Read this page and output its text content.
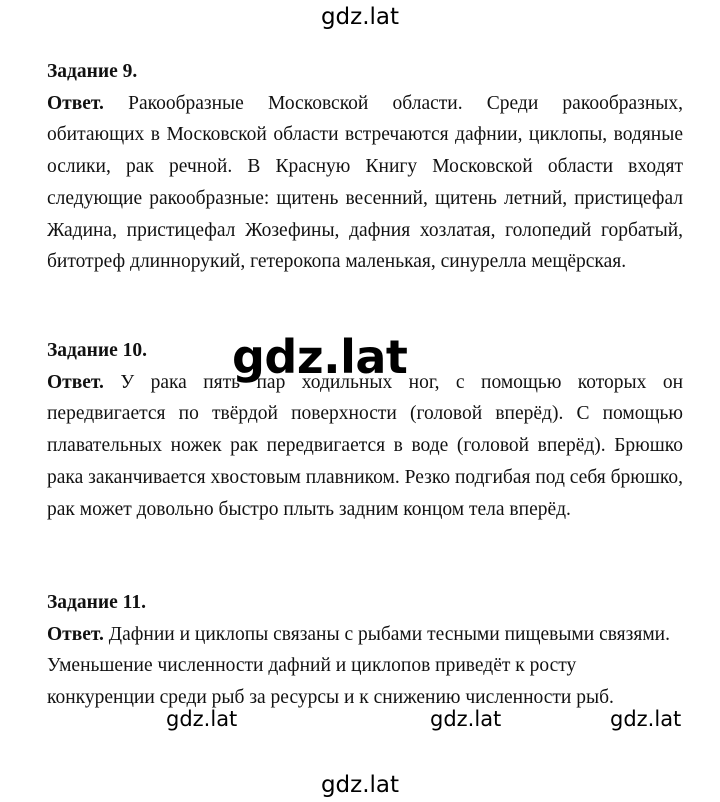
gdz.lat

Задание 9.

Ответ. Ракообразные Московской области. Среди ракообразных, обитающих в Московской области встречаются дафнии, циклопы, водяные ослики, рак речной. В Красную Книгу Московской области входят следующие ракообразные: щитень весенний, щитень летний, пристицефал Жадина, пристицефал Жозефины, дафния хозлатая, голопедий горбатый, битотреф длиннорукий, гетерокопа маленькая, синурелла мещёрская.

Задание 10.

Ответ. У рака пять пар ходильных ног, с помощью которых он передвигается по твёрдой поверхности (головой вперёд). С помощью плавательных ножек рак передвигается в воде (головой вперёд). Брюшко рака заканчивается хвостовым плавником. Резко подгибая под себя брюшко, рак может довольно быстро плыть задним концом тела вперёд.

Задание 11.

Ответ. Дафнии и циклопы связаны с рыбами тесными пищевыми связями. Уменьшение численности дафний и циклопов приведёт к росту конкуренции среди рыб за ресурсы и к снижению численности рыб.

gdz.lat
gdz.lat	gdz.lat	gdz.lat
gdz.lat
